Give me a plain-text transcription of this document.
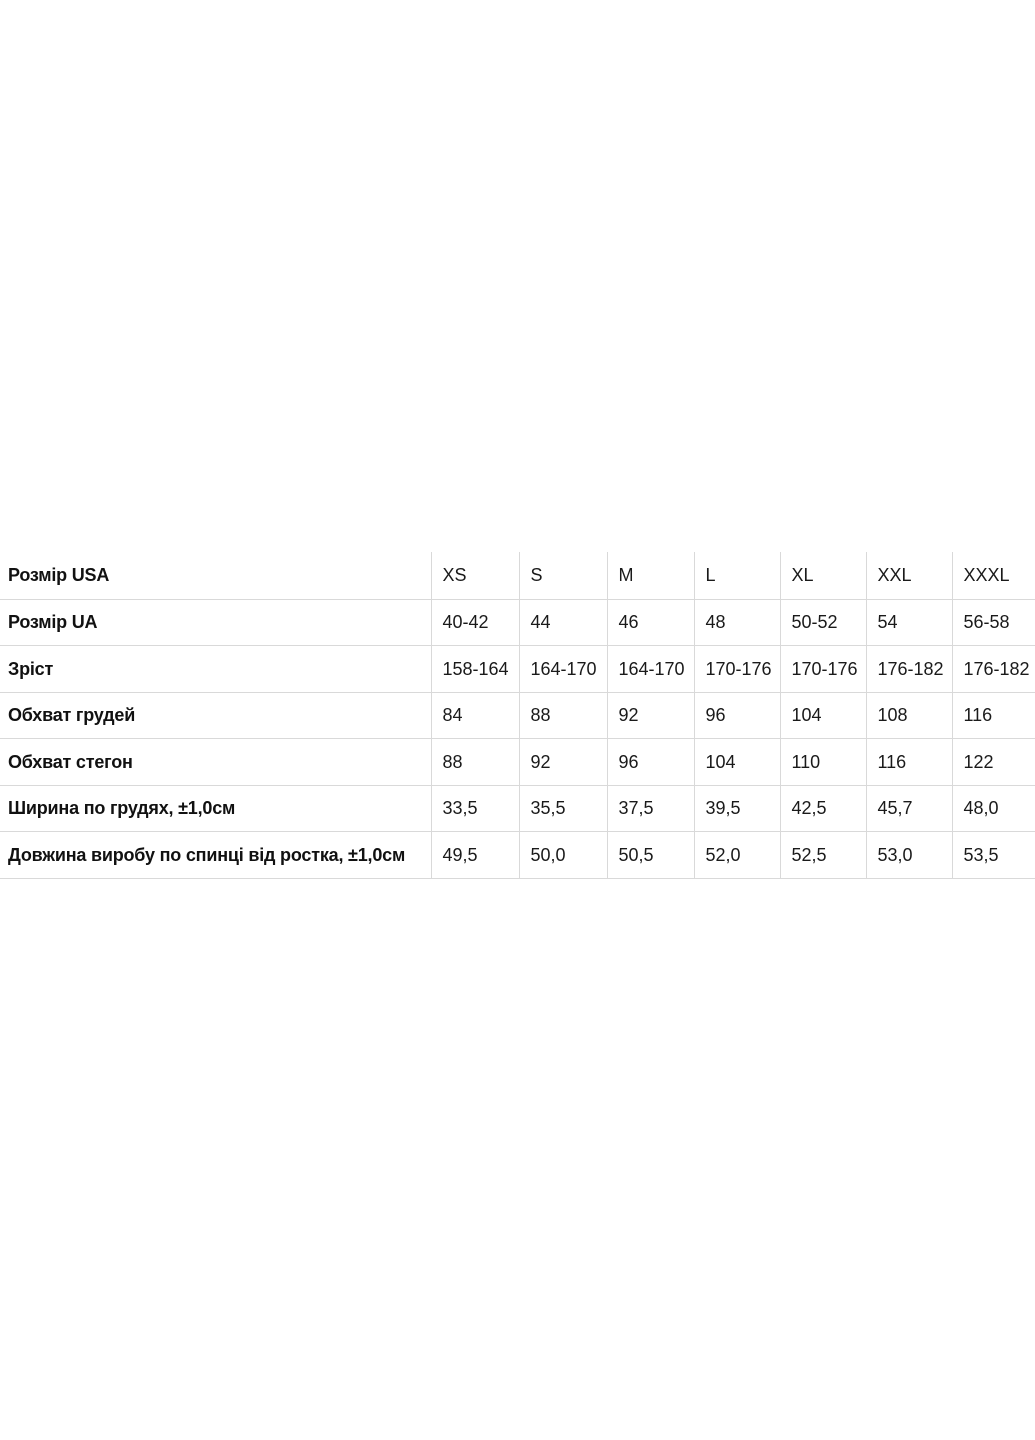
Розмір USA	XS	S	M	L	XL	XXL	XXXL
Розмір UA	40-42	44	46	48	50-52	54	56-58
Зріст	158-164	164-170	164-170	170-176	170-176	176-182	176-182
Обхват грудей	84	88	92	96	104	108	116
Обхват стегон	88	92	96	104	110	116	122
Ширина по грудях, ±1,0см	33,5	35,5	37,5	39,5	42,5	45,7	48,0
Довжина виробу по спинці від ростка, ±1,0см	49,5	50,0	50,5	52,0	52,5	53,0	53,5
